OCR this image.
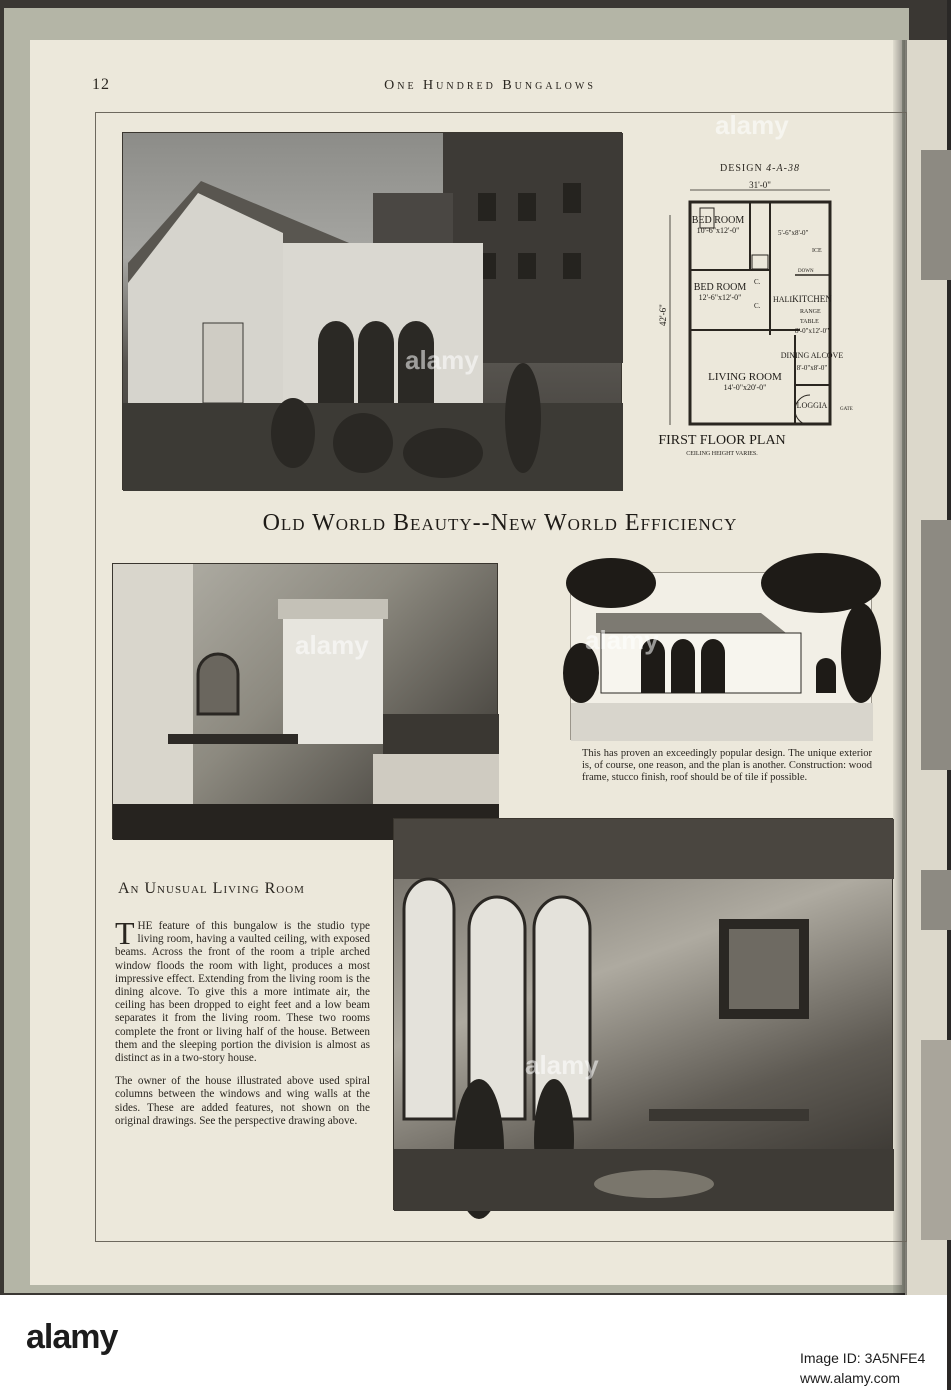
12	One Hundred Bungalows
DESIGN 4-A-38
31'-0"
42'-6"
BED ROOM
10'-6"x12'-0"
BED ROOM
12'-6"x12'-0"	HALL
KITCHEN
RANGE
TABLE
8'-0"x12'-0"
5'-6"x8'-0"
ICE
DOWN
C.
C.
LIVING ROOM
14'-0"x20'-0"
DINING ALCOVE
8'-0"x8'-0"
LOGGIA	GATE
FIRST FLOOR PLAN
CEILING HEIGHT VARIES.
Old World Beauty--New World Efficiency
This has proven an exceedingly popular design. The unique exterior is, of course, one reason, and the plan is another. Construction: wood frame, stucco finish, roof should be of tile if possible.
An Unusual Living Room

THE feature of this bungalow is the studio type living room, having a vaulted ceiling, with exposed beams. Across the front of the room a triple arched window floods the room with light, produces a most impressive effect. Extending from the living room is the dining alcove. To give this a more intimate air, the ceiling has been dropped to eight feet and a low beam separates it from the living room. These two rooms complete the front or living half of the house. Between them and the sleeping portion the division is almost as distinct as in a two-story house.

The owner of the house illustrated above used spiral columns between the windows and wing walls at the sides. These are added features, not shown on the original drawings. See the perspective drawing above.

alamy
alamy
alamy	alamy
alamy
alamy
Image ID: 3A5NFE4
www.alamy.com
